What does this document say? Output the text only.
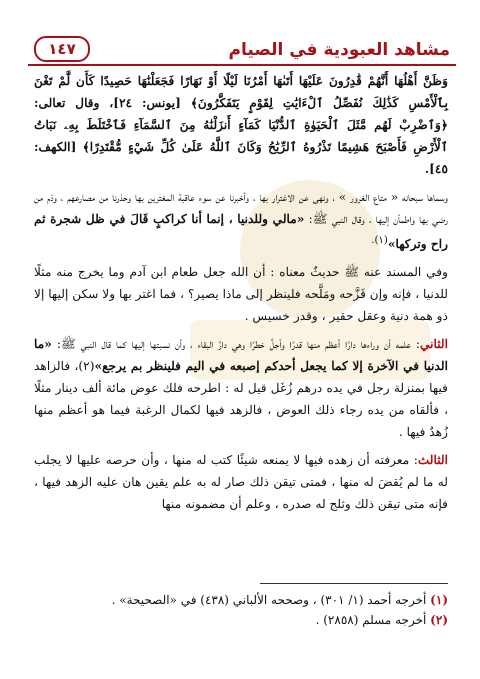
مشاهد العبودية في الصيام
١٤٧

وَظَنَّ أَهْلُهَا أَنَّهُمْ قَٰدِرُونَ عَلَيْهَا أَتَىٰهَا أَمْرُنَا لَيْلًا أَوْ نَهَارًا فَجَعَلْنَٰهَا حَصِيدًا كَأَن لَّمْ تَغْنَ بِٱلْأَمْسِ كَذَٰلِكَ نُفَصِّلُ ٱلْءَايَٰتِ لِقَوْمٍ يَتَفَكَّرُونَ﴾ [يونس: ٢٤]، وقال تعالى: ﴿وَٱضْرِبْ لَهُم مَّثَلَ ٱلْحَيَوٰةِ ٱلدُّنْيَا كَمَآءٍ أَنزَلْنَٰهُ مِنَ ٱلسَّمَآءِ فَٱخْتَلَطَ بِهِۦ نَبَاتُ ٱلْأَرْضِ فَأَصْبَحَ هَشِيمًا تَذْرُوهُ ٱلرِّيَٰحُ وَكَانَ ٱللَّهُ عَلَىٰ كُلِّ شَيْءٍ مُّقْتَدِرًا﴾ [الكهف: ٤٥].

وسماها سبحانه « متاع الغرور » ، ونهى عن الاغترار بها ، وأخبرنا عن سوء عاقبة المغترين بها وحذرنا من مصارعهم ، وذم من رضي بها واطمأن إليها ، وقال النبي ﷺ: «مالي وللدنيا ، إنما أنا كراكبٍ قَالَ في ظل شجرة ثم راح وتركها»$^{(١).}$

وفي المسند عنه ﷺ حديثٌ معناه : أن الله جعل طعام ابن آدم وما يخرج منه مثلًا للدنيا ، فإنه وإن قَزَّحه ومَلَّحه فلينظر إلى ماذا يصير؟ ، فما اغتر بها ولا سكن إليها إلا ذو همة دنية وعقل حقير ، وقدر خسيس .

الثاني: علمه أن وراءها دارًا أعظم منها قدرًا وأجلَّ خطرًا وهي دارُ البقاء ، وأن نسبتها إليها كما قال النبي ﷺ: «ما الدنيا في الآخرة إلا كما يجعل أحدكم إصبعه في اليم فلينظر بم يرجع»(٢)، فالزاهد فيها بمنزلة رجل في يده درهم زُغَل قيل له : اطرحه فلك عوض مائة ألف دينار مثلًا ، فألقاه من يده رجاء ذلك العوض ، فالزهد فيها لكمال الرغبة فيما هو أعظم منها زُهدٌ فيها .

الثالث: معرفته أن زهده فيها لا يمنعه شيئًا كتب له منها ، وأن حرصه عليها لا يجلب له ما لم يُقضَ له منها ، فمتى تيقن ذلك صار له به علم يقين هان عليه الزهد فيها ، فإنه متى تيقن ذلك وثلج له صدره ، وعلم أن مضمونه منها

(١) أخرجه أحمد (١/ ٣٠١) ، وصححه الألباني (٤٣٨) في «الصحيحة» .
(٢) أخرجه مسلم (٢٨٥٨) .
